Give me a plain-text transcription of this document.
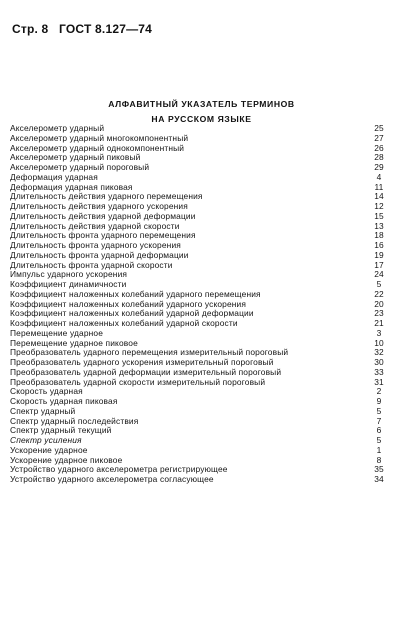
Стр. 8 ГОСТ 8.127—74
АЛФАВИТНЫЙ УКАЗАТЕЛЬ ТЕРМИНОВ
НА РУССКОМ ЯЗЫКЕ
Акселерометр ударный	25
Акселерометр ударный многокомпонентный	27
Акселерометр ударный однокомпонентный	26
Акселерометр ударный пиковый	28
Акселерометр ударный пороговый	29
Деформация ударная	4
Деформация ударная пиковая	11
Длительность действия ударного перемещения	14
Длительность действия ударного ускорения	12
Длительность действия ударной деформации	15
Длительность действия ударной скорости	13
Длительность фронта ударного перемещения	18
Длительность фронта ударного ускорения	16
Длительность фронта ударной деформации	19
Длительность фронта ударной скорости	17
Импульс ударного ускорения	24
Коэффициент динамичности	5
Коэффициент наложенных колебаний ударного перемещения	22
Коэффициент наложенных колебаний ударного ускорения	20
Коэффициент наложенных колебаний ударной деформации	23
Коэффициент наложенных колебаний ударной скорости	21
Перемещение ударное	3
Перемещение ударное пиковое	10
Преобразователь ударного перемещения измерительный пороговый	32
Преобразователь ударного ускорения измерительный пороговый	30
Преобразователь ударной деформации измерительный пороговый	33
Преобразователь ударной скорости измерительный пороговый	31
Скорость ударная	2
Скорость ударная пиковая	9
Спектр ударный	5
Спектр ударный последействия	7
Спектр ударный текущий	6
Спектр усиления	5
Ускорение ударное	1
Ускорение ударное пиковое	8
Устройство ударного акселерометра регистрирующее	35
Устройство ударного акселерометра согласующее	34
